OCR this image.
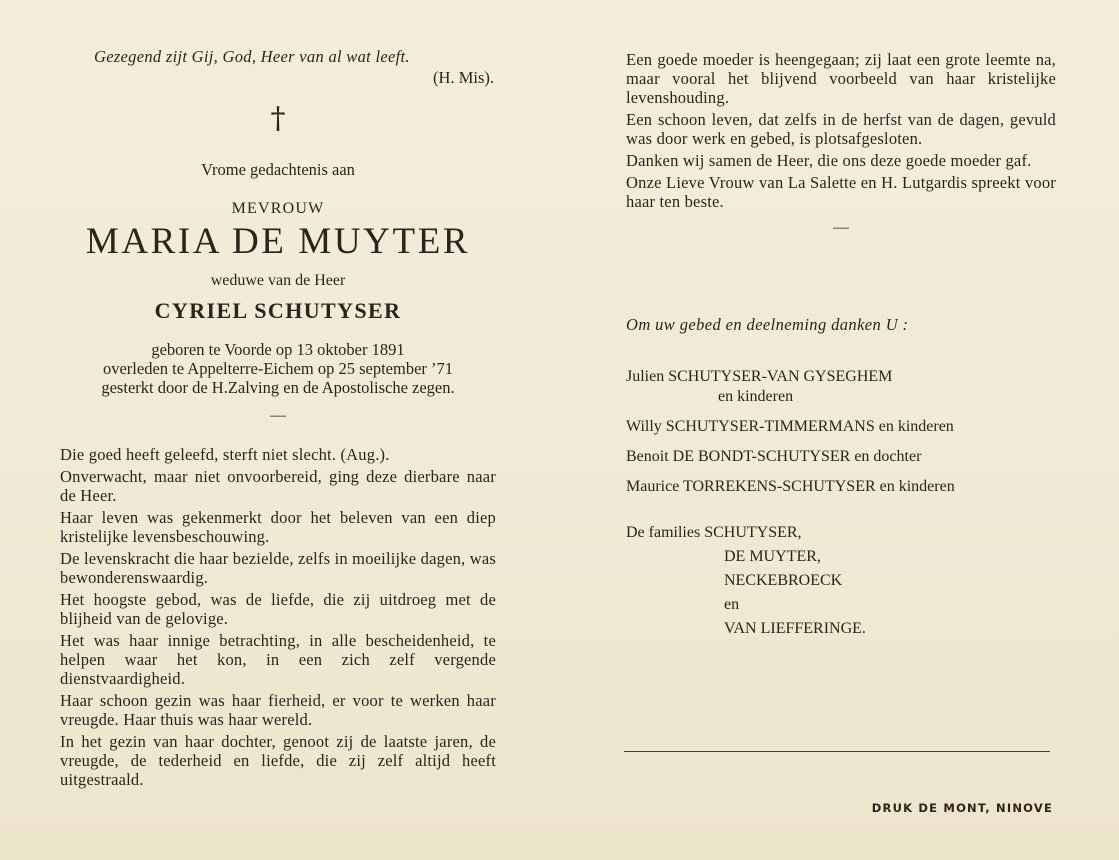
Gezegend zijt Gij, God, Heer van al wat leeft.
(H. Mis).
†
Vrome gedachtenis aan
MEVROUW
MARIA DE MUYTER
weduwe van de Heer
CYRIEL SCHUTYSER
geboren te Voorde op 13 oktober 1891
overleden te Appelterre-Eichem op 25 september ’71
gesterkt door de H.Zalving en de Apostolische zegen.
—

Die goed heeft geleefd, sterft niet slecht. (Aug.).

Onverwacht, maar niet onvoorbereid, ging deze dierbare naar de Heer.

Haar leven was gekenmerkt door het beleven van een diep kristelijke levensbeschouwing.

De levenskracht die haar bezielde, zelfs in moeilijke dagen, was bewonderenswaardig.

Het hoogste gebod, was de liefde, die zij uitdroeg met de blijheid van de gelovige.

Het was haar innige betrachting, in alle bescheidenheid, te helpen waar het kon, in een zich zelf vergende dienstvaardigheid.

Haar schoon gezin was haar fierheid, er voor te werken haar vreugde. Haar thuis was haar wereld.

In het gezin van haar dochter, genoot zij de laatste jaren, de vreugde, de tederheid en liefde, die zij zelf altijd heeft uitgestraald.

Een goede moeder is heengegaan; zij laat een grote leemte na, maar vooral het blijvend voorbeeld van haar kristelijke levenshouding.

Een schoon leven, dat zelfs in de herfst van de dagen, gevuld was door werk en gebed, is plotsafgesloten.

Danken wij samen de Heer, die ons deze goede moeder gaf.

Onze Lieve Vrouw van La Salette en H. Lutgardis spreekt voor haar ten beste.

—
Om uw gebed en deelneming danken U :
Julien SCHUTYSER-VAN GYSEGHEM
en kinderen
Willy SCHUTYSER-TIMMERMANS en kinderen
Benoit DE BONDT-SCHUTYSER en dochter
Maurice TORREKENS-SCHUTYSER en kinderen
De families SCHUTYSER,
DE MUYTER,
NECKEBROECK
en
VAN LIEFFERINGE.
DRUK DE MONT, NINOVE
